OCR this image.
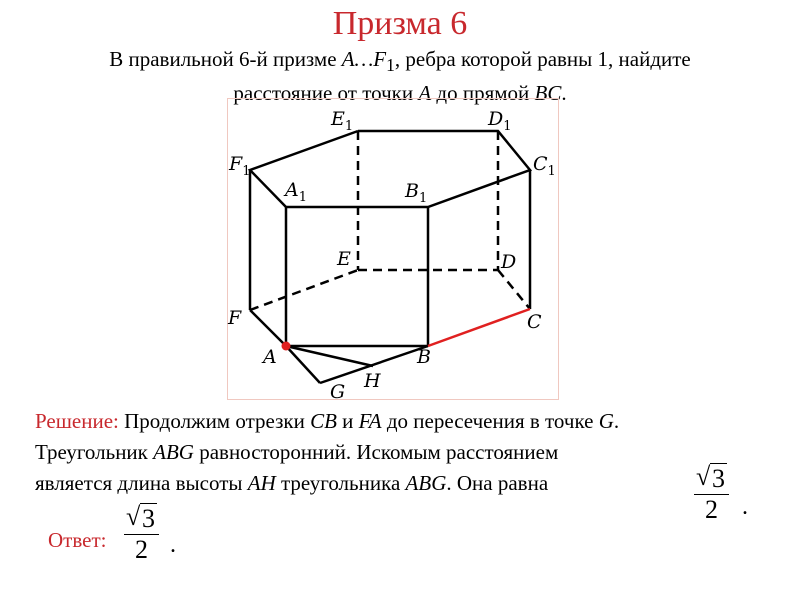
Призма 6
В правильной 6-й призме $A\dots F_1$, ребра которой равны 1, найдите
расстояние от точки A до прямой BC.
$E_1$	$D_1$
$F_1$	$C_1$
$A_1$	$B_1$
E	D
F	C
A	B
G H
Решение: Продолжим отрезки CB и FA до пересечения в точке G.
Треугольник ABG равносторонний. Искомым расстоянием
является длина высоты AH треугольника ABG. Она равна	$\frac{√ 3}{2}$ .
Ответ: $\frac{√ 3}{2}$ .
